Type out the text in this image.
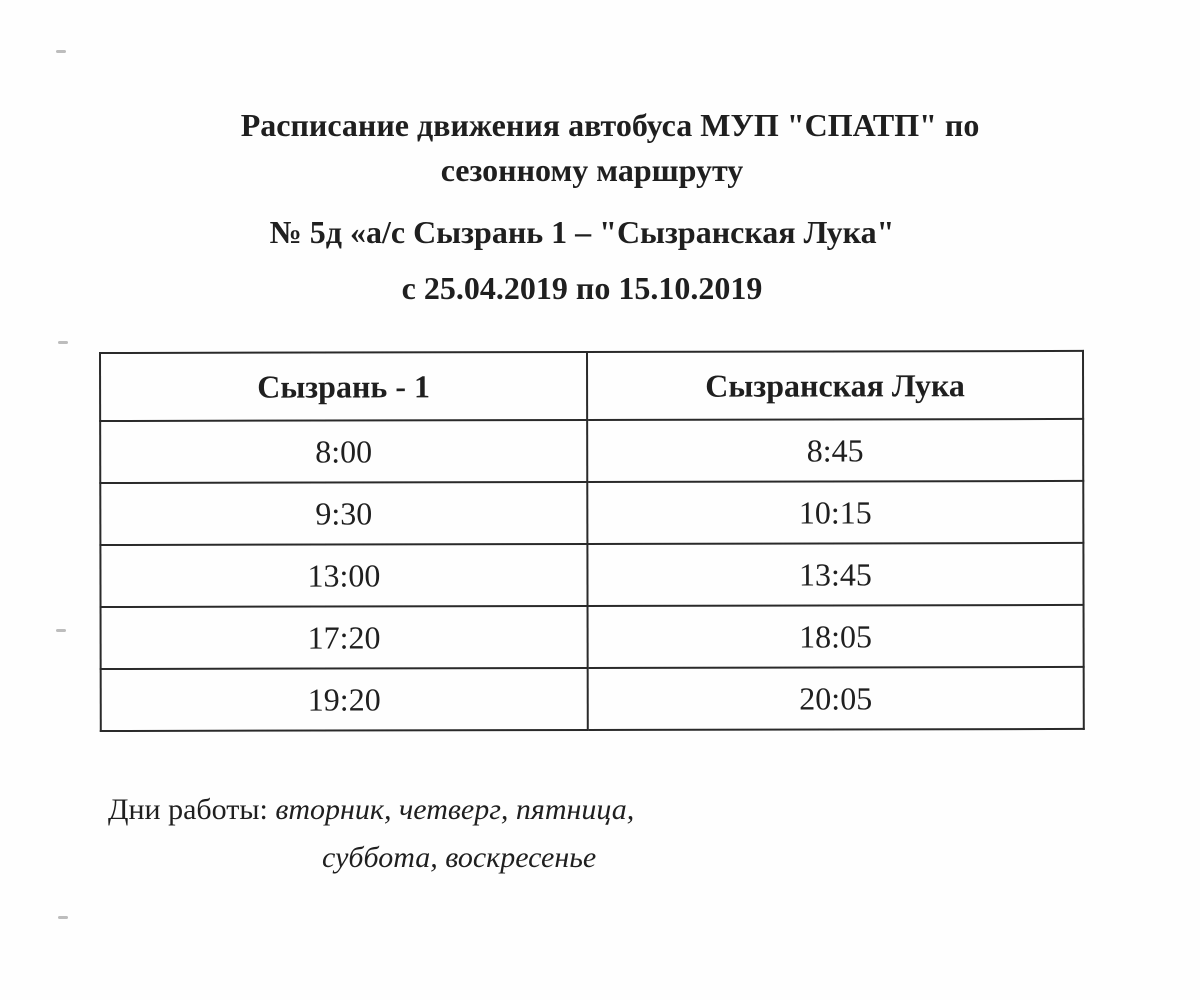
Расписание движения автобуса МУП "СПАТП" по
сезонному маршруту
№ 5д «а/с Сызрань 1 – "Сызранская Лука"
с 25.04.2019 по 15.10.2019
Сызрань - 1	Сызранская Лука
8:00	8:45
9:30	10:15
13:00	13:45
17:20	18:05
19:20	20:05
Дни работы: вторник, четверг, пятница,
суббота, воскресенье
